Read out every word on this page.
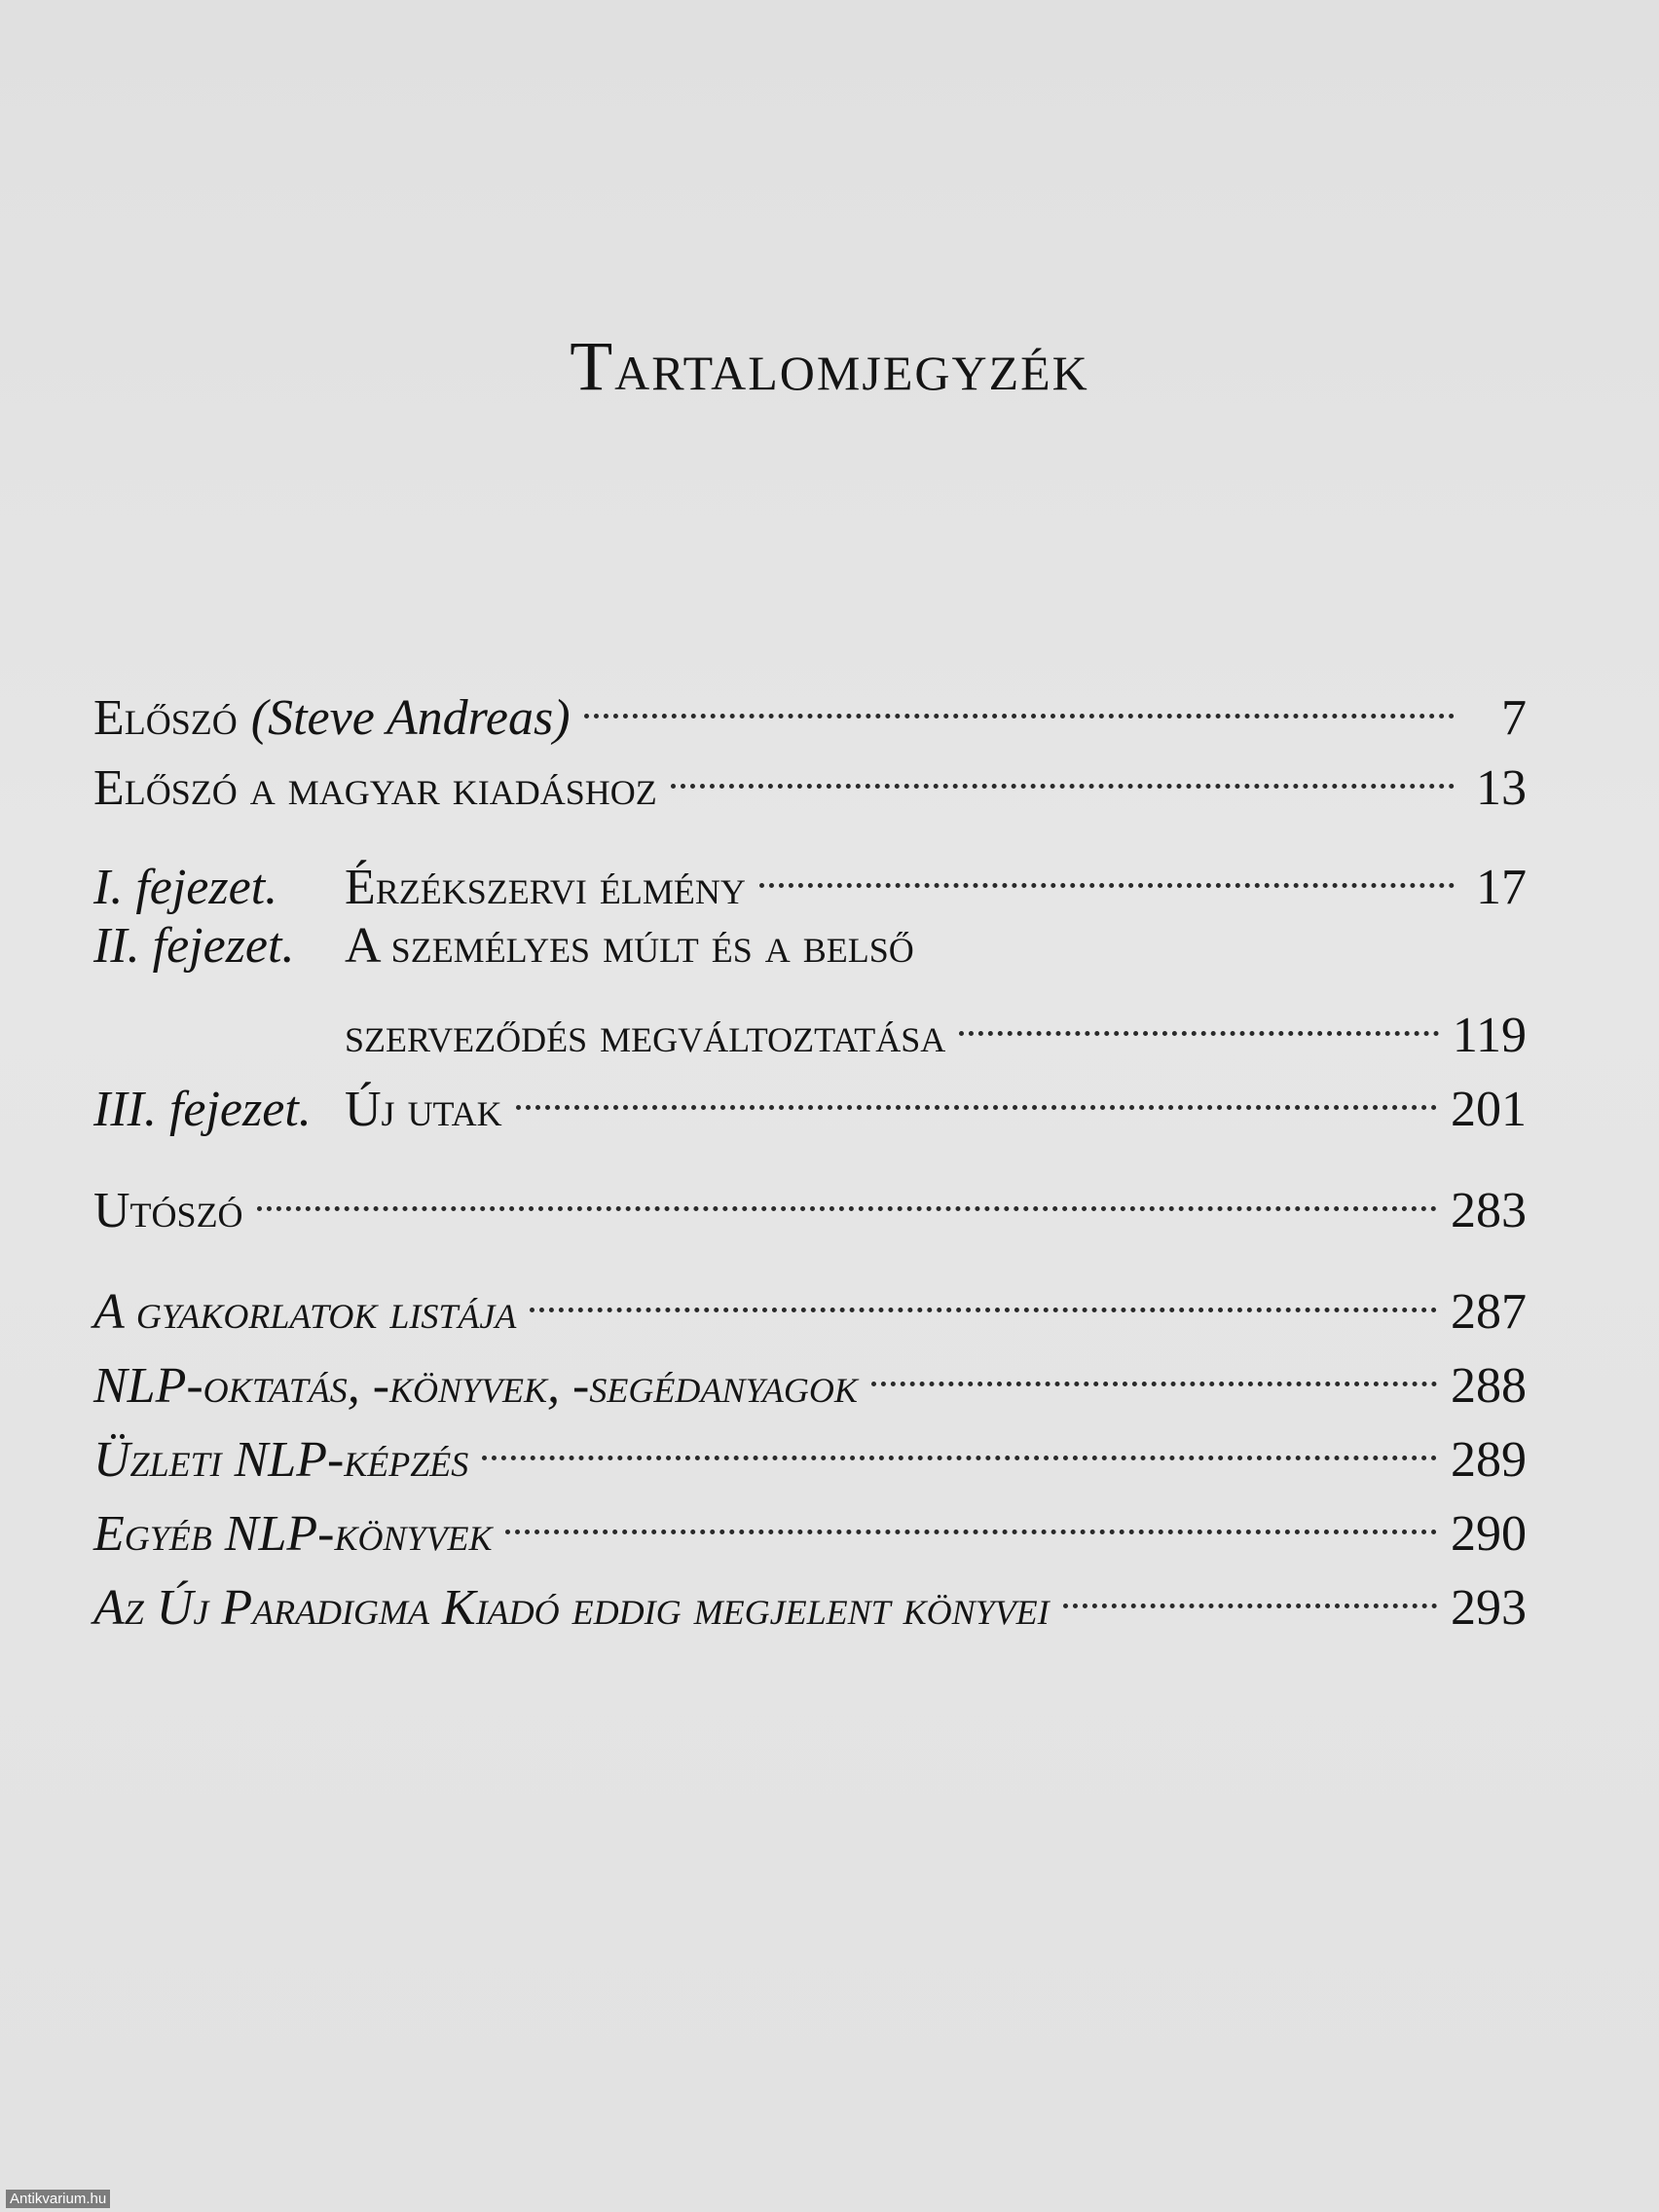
Tartalomjegyzék
Előszó (Steve Andreas)	7
Előszó a magyar kiadáshoz	13
I. fejezet.	Érzékszervi élmény	17
II. fejezet. A személyes múlt és a belső
szerveződés megváltoztatása	119
III. fejezet. Új utak	201
Utószó	283
A gyakorlatok listája	287
NLP-oktatás, -könyvek, -segédanyagok	288
Üzleti NLP-képzés	289
Egyéb NLP-könyvek	290
Az Új Paradigma Kiadó eddig megjelent könyvei	293
Antikvarium.hu
